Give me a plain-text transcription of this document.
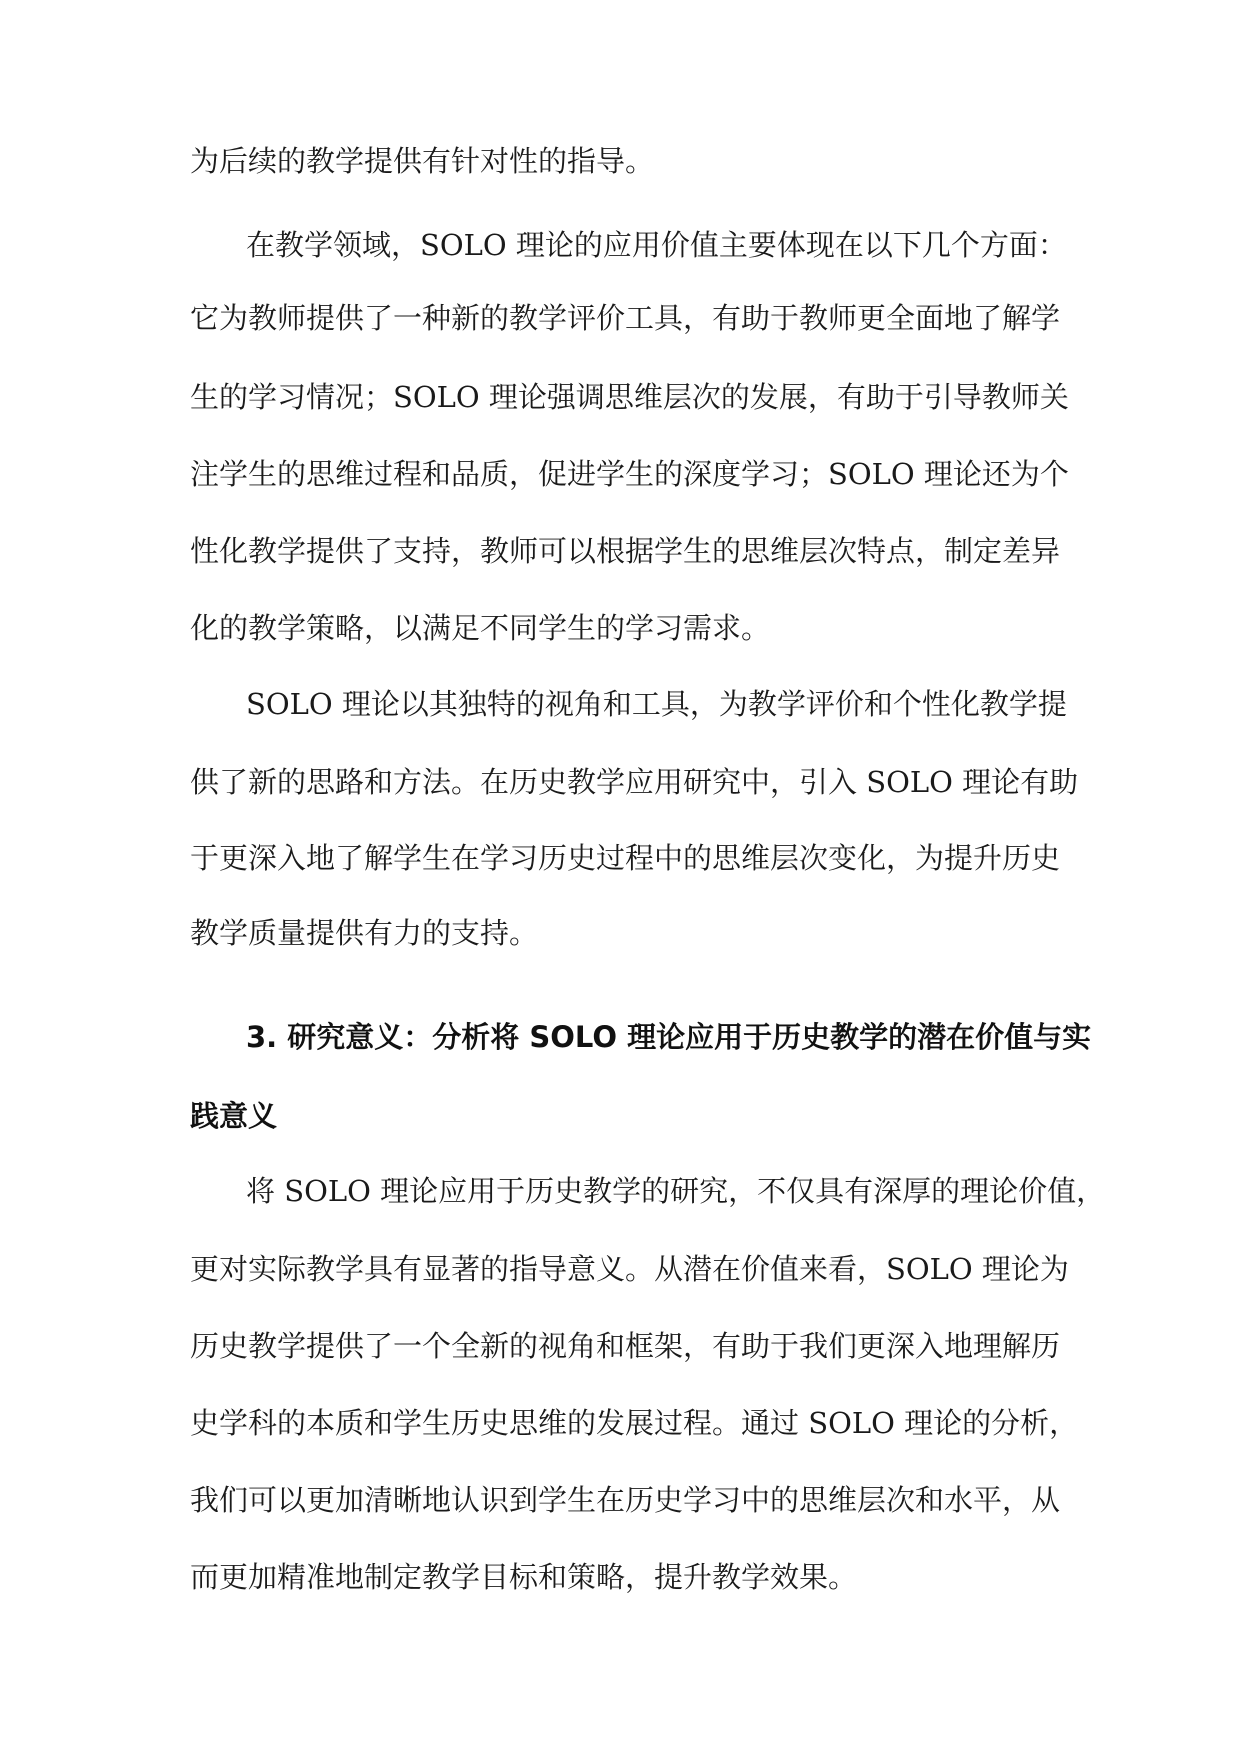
为后续的教学提供有针对性的指导。
在教学领域，SOLO 理论的应用价值主要体现在以下几个方面：
它为教师提供了一种新的教学评价工具，有助于教师更全面地了解学
生的学习情况；SOLO 理论强调思维层次的发展，有助于引导教师关
注学生的思维过程和品质，促进学生的深度学习；SOLO 理论还为个
性化教学提供了支持，教师可以根据学生的思维层次特点，制定差异
化的教学策略，以满足不同学生的学习需求。
SOLO 理论以其独特的视角和工具，为教学评价和个性化教学提
供了新的思路和方法。在历史教学应用研究中，引入 SOLO 理论有助
于更深入地了解学生在学习历史过程中的思维层次变化，为提升历史
教学质量提供有力的支持。
3. 研究意义：分析将 SOLO 理论应用于历史教学的潜在价值与实
践意义
将 SOLO 理论应用于历史教学的研究，不仅具有深厚的理论价值，
更对实际教学具有显著的指导意义。从潜在价值来看，SOLO 理论为
历史教学提供了一个全新的视角和框架，有助于我们更深入地理解历
史学科的本质和学生历史思维的发展过程。通过 SOLO 理论的分析，
我们可以更加清晰地认识到学生在历史学习中的思维层次和水平，从
而更加精准地制定教学目标和策略，提升教学效果。
